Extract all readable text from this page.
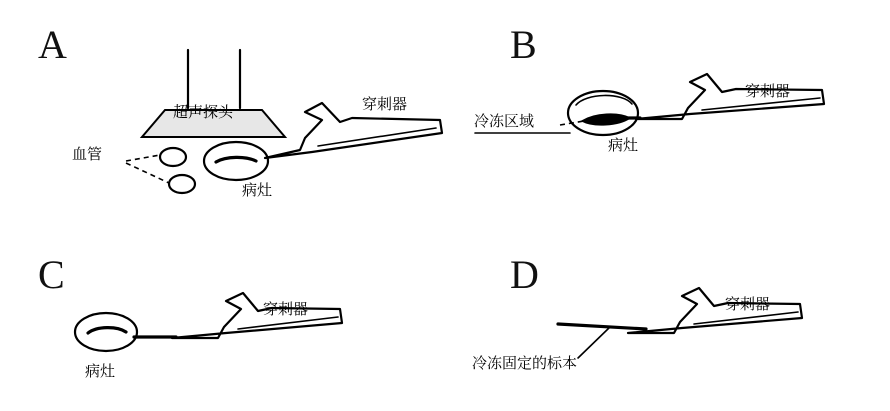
A
超声探头	穿刺器
血管
病灶
B
穿刺器
冷冻区域
病灶
C
穿刺器
病灶
D
穿刺器
冷冻固定的标本
